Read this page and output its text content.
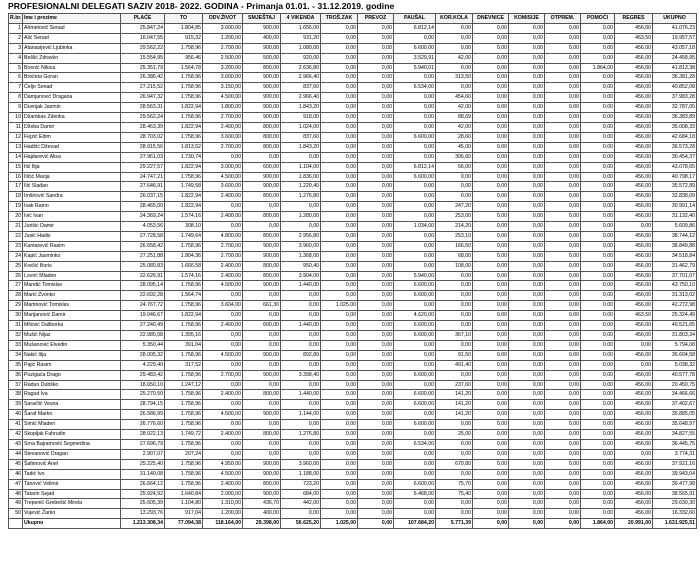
PROFESIONALNI DELEGATI SAZIV 2018- 2022. GODINA - Primanja 01.01. - 31.12.2019. godine
R.br.	Ime i prezime	PLAĆE	TO	ODV.ŽIVOT	SMJEŠTAJ	4 VIKENDA	TROŠ.ZAK	PREVOZ	PAUŠAL	KOR.KOLA	DNEVNICE	KOMISIJE	OTPREM.	POMOĆI	REGRES	UKUPNO
1	Ahmetović Senad	25.847,24	1.804,85	3.600,00	900,00	1.656,00	0,00	0,00	6.812,14	0,00	0,00	0,00	0,00	0,00	456,00	41.076,23
2	Alić Senad	16.047,55	915,32	1.200,00	400,00	931,20	0,00	0,00	0,00	0,00	0,00	0,00	0,00	0,00	463,50	19.957,57
3	Atanasijević Ljubinka	29.562,22	1.758,96	2.700,00	900,00	1.080,00	0,00	0,00	6.600,00	0,00	0,00	0,00	0,00	0,00	456,00	43.057,18
4	Bešlić Zdravko	15.554,95	956,46	2.500,00	500,00	920,00	0,00	0,00	3.529,91	42,00	0,00	0,00	0,00	0,00	456,00	24.458,95
5	Bosnić Nikica	25.351,79	1.564,78	3.200,00	800,00	2.636,80	0,00	0,00	5.940,01	0,00	0,00	0,00	0,00	1.864,00	456,00	41.813,38
6	Bročeta Goran	26.386,42	1.758,96	3.600,00	900,00	2.966,40	0,00	0,00	0,00	313,50	0,00	0,00	0,00	0,00	456,00	36.381,28
7	Ćeljo Senad	27.215,52	1.758,96	3.150,00	900,00	837,60	0,00	0,00	6.534,00	0,00	0,00	0,00	0,00	0,00	456,00	40.852,08
8	Damjanović Dragana	26.947,32	1.758,96	4.500,00	900,00	2.966,40	0,00	0,00	0,00	454,60	0,00	0,00	0,00	0,00	456,00	37.983,28
9	Duvnjak Jasmin	28.563,31	1.822,94	1.800,00	900,00	1.843,20	0,00	0,00	0,00	42,00	0,00	0,00	0,00	0,00	456,00	32.787,05
10	Džambas Zdenka	29.562,24	1.758,96	2.700,00	900,00	918,00	0,00	0,00	0,00	88,69	0,00	0,00	0,00	0,00	456,00	36.383,89
11	Džeba Damir	28.463,39	1.822,94	2.400,00	800,00	1.024,00	0,00	0,00	0,00	42,00	0,00	0,00	0,00	0,00	456,00	35.008,33
12	Fejzić Edim	28.703,02	1.758,96	3.600,00	800,00	837,60	0,00	0,00	6.600,00	28,60	0,00	0,00	0,00	0,00	456,00	42.684,18
13	Hadžić Dževad	28.915,56	1.813,52	2.700,00	800,00	1.843,20	0,00	0,00	0,00	45,00	0,00	0,00	0,00	0,00	456,00	36.573,28
14	Hajdarević Alisa	27.961,03	1.730,74	0,00	0,00	0,00	0,00	0,00	0,00	306,60	0,00	0,00	0,00	0,00	456,00	30.454,37
15	Ilić Ilija	29.227,57	1.822,94	3.000,00	600,00	1.104,00	0,00	0,00	6.812,14	56,00	0,00	0,00	0,00	0,00	456,00	43.078,65
16	Ilićić Marija	24.747,21	1.758,96	4.500,00	900,00	1.836,00	0,00	0,00	6.600,00	0,00	0,00	0,00	0,00	0,00	456,00	40.798,17
17	Ilić Slađan	27.646,91	1.749,58	3.600,00	900,00	1.220,40	0,00	0,00	0,00	0,00	0,00	0,00	0,00	0,00	456,00	35.572,89
18	Imširović Sandra	26.037,15	1.822,94	2.400,00	800,00	1.276,80	0,00	0,00	0,00	0,00	0,00	0,00	0,00	0,00	456,00	32.838,09
19	Isak Ramo	28.465,00	1.822,94	0,00	0,00	0,00	0,00	0,00	0,00	247,20	0,00	0,00	0,00	0,00	456,00	30.991,14
20	Ivić Ivan	24.369,24	1.574,16	2.400,00	800,00	1.280,00	0,00	0,00	0,00	253,00	0,00	0,00	0,00	0,00	456,00	31.132,40
21	Jurišić Damir	4.053,56	308,10	0,00	0,00	0,00	0,00	0,00	1.034,00	214,20	0,00	0,00	0,00	0,00	0,00	5.609,86
22	Jusić Hadis	27.728,58	1.749,64	4.800,00	800,00	2.956,80	0,00	0,00	0,00	253,10	0,00	0,00	0,00	0,00	456,00	38.744,12
23	Kantarević Rasim	26.658,42	1.758,96	2.700,00	900,00	3.960,00	0,00	0,00	0,00	166,50	0,00	0,00	0,00	0,00	456,00	38.849,88
24	Kapić Jasminko	27.251,88	1.804,36	2.700,00	900,00	1.368,00	0,00	0,00	0,00	68,00	0,00	0,00	0,00	0,00	456,00	34.518,84
25	Krešić Boris	25.080,83	1.666,58	2.400,00	800,00	950,40	0,00	0,00	0,00	108,00	0,00	0,00	0,00	0,00	456,00	31.462,79
26	Lovrić Mladen	22.626,91	1.574,16	2.400,00	800,00	3.904,00	0,00	0,00	5.940,00	0,00	0,00	0,00	0,00	0,00	456,00	37.701,07
27	Mandić Tomislav	28.095,14	1.758,96	4.500,00	900,00	1.440,00	0,00	0,00	6.600,00	0,00	0,00	0,00	0,00	0,00	456,00	43.750,10
28	Marić Zvonko	22.692,28	1.564,74	0,00	0,00	0,00	0,00	0,00	6.600,00	0,00	0,00	0,00	0,00	0,00	456,00	31.313,02
29	Martinović Tomislav	24.767,72	1.758,96	3.604,00	661,30	0,00	1.025,00	0,00	0,00	0,00	0,00	0,00	0,00	0,00	456,00	42.272,98
30	Marijanović Damir	19.046,67	1.822,94	0,00	0,00	0,00	0,00	0,00	4.620,00	0,00	0,00	0,00	0,00	0,00	463,50	25.324,49
31	Milović Daliborka	27.240,49	1.758,96	2.400,00	600,00	1.440,00	0,00	0,00	6.600,00	0,00	0,00	0,00	0,00	0,00	456,00	40.521,65
32	Mušić Nijaz	22.985,08	1.395,16	0,00	0,00	0,00	0,00	0,00	6.600,00	367,10	0,00	0,00	0,00	0,00	456,00	31.803,34
33	Mušanović Elvedin	5.350,44	391,04	0,00	0,00	0,00	0,00	0,00	0,00	0,00	0,00	0,00	0,00	0,00	0,00	5.794,08
34	Nakić Ilija	28.005,32	1.758,96	4.500,00	900,00	892,80	0,00	0,00	0,00	91,50	0,00	0,00	0,00	0,00	456,00	36.604,58
35	Pajić Rasim	4.229,40	317,52	0,00	0,00	0,00	0,00	0,00	0,00	491,40	0,00	0,00	0,00	0,00	0,00	5.038,32
36	Puzigaća Drago	29.483,42	1.758,96	2.700,00	900,00	3.398,40	0,00	0,00	6.600,00	0,00	0,00	0,00	0,00	0,00	456,00	40.577,78
37	Radun Dubško	18.650,10	1.247,12	0,00	0,00	0,00	0,00	0,00	0,00	237,60	0,00	0,00	0,00	0,00	456,00	20.450,75
38	Ragud Iva	25.270,50	1.758,96	2.400,00	800,00	1.440,00	0,00	0,00	6.600,00	141,20	0,00	0,00	0,00	0,00	456,00	34.466,66
39	Saraćlić Vesna	28.794,15	1.758,96	0,00	0,00	0,00	0,00	0,00	6.600,00	141,20	0,00	0,00	0,00	0,00	456,00	37.402,67
40	Šaraf Marko	26.586,99	1.758,96	4.500,00	900,00	1.144,00	0,00	0,00	0,00	141,20	0,00	0,00	0,00	0,00	456,00	35.885,05
41	Simić Mladen	26.776,60	1.758,96	0,00	0,00	0,00	0,00	0,00	6.600,00	0,00	0,00	0,00	0,00	0,00	456,00	35.648,97
42	Skopljak Fahrudin	28.022,13	1.749,72	2.400,00	800,00	1.276,80	0,00	0,00	0,00	25,00	0,00	0,00	0,00	0,00	456,00	34.827,55
43	Srna Bajramović Segmedina	27.696,79	1.758,96	0,00	0,00	0,00	0,00	0,00	6.534,00	0,00	0,00	0,00	0,00	0,00	456,00	36.445,75
44	Stevanović Dragan	2.907,07	207,24	0,00	0,00	0,00	0,00	0,00	0,00	0,00	0,00	0,00	0,00	0,00	0,00	3.774,31
45	Šahinović Anel	25.225,40	1.758,96	4.950,00	900,00	3.960,00	0,00	0,00	0,00	670,80	0,00	0,00	0,00	0,00	456,00	37.921,16
46	Tadić Ivo	31.140,08	1.758,96	4.500,00	900,00	1.188,00	0,00	0,00	0,00	0,00	0,00	0,00	0,00	0,00	456,00	39.943,04
47	Tanović Velimir	26.664,12	1.758,96	2.400,00	800,00	723,20	0,00	0,00	6.600,00	75,70	0,00	0,00	0,00	0,00	456,00	39.477,98
48	Tatarin Sejad	25.924,92	1.640,84	2.000,00	900,00	684,00	0,00	0,00	6.468,00	75,40	0,00	0,00	0,00	0,00	456,00	38.565,91
49	Trepenić-Grebešić Mirela	25.605,39	1.104,80	1.310,00	436,70	442,00	0,00	0,00	0,00	0,00	0,00	0,00	0,00	0,00	456,00	29.630,30
50	Vujević Žarko	13.293,76	917,04	1.200,00	400,00	0,00	0,00	0,00	0,00	0,00	0,00	0,00	0,00	0,00	456,00	16.332,60
	Ukupno	1.213.308,34	77.094,38	118.164,00	29.398,00	56.625,20	1.025,00	0,00	107.684,20	5.771,39	0,00	0,00	0,00	1.864,00	20.991,00	1.631.925,51
